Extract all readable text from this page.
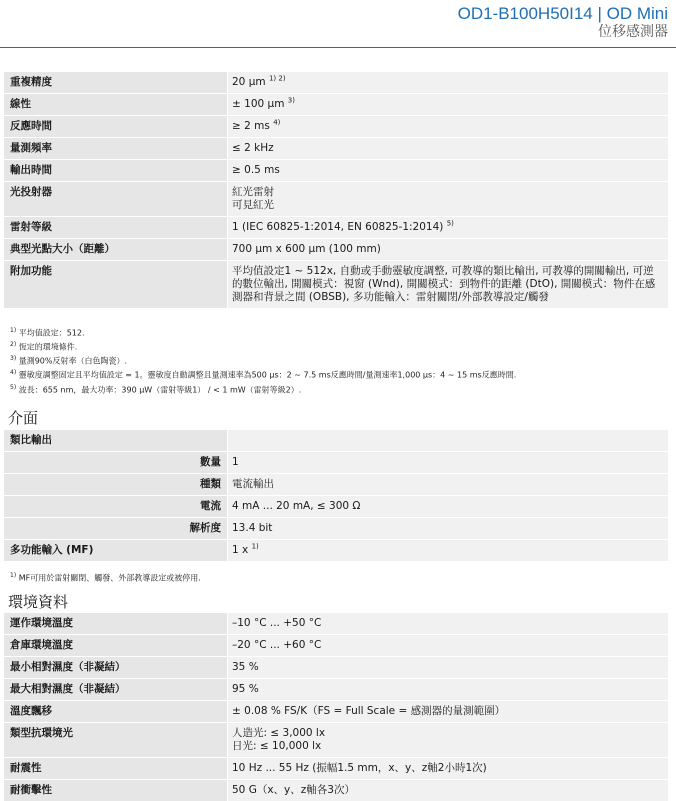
OD1-B100H50I14 | OD Mini
位移感測器
重複精度	20 µm $^{1) 2)}$
線性	± 100 µm $^{3)}$
反應時間	≥ 2 ms $^{4)}$
量測頻率	≤ 2 kHz
輸出時間	≥ 0.5 ms
光投射器	紅光雷射
可見紅光
雷射等級	1 (IEC 60825-1:2014, EN 60825-1:2014) $^{5)}$
典型光點大小（距離）	700 µm x 600 µm (100 mm)
附加功能	平均值設定1 ~ 512x, 自動或手動靈敏度調整, 可教導的類比輸出, 可教導的開關輸出, 可逆的數位輸出, 開關模式：視窗 (Wnd), 開關模式：到物件的距離 (DtO), 開關模式：物件在感測器和背景之間 (OBSB), 多功能輸入：雷射關閉/外部教導設定/觸發
$^{1)}$ 平均值設定：512.
$^{2)}$ 恆定的環境條件.
$^{3)}$ 量測90%反射率（白色陶瓷）.
$^{4)}$ 靈敏度調整固定且平均值設定 = 1。靈敏度自動調整且量測速率為500 µs：2 ~ 7.5 ms反應時間/量測速率1,000 µs：4 ~ 15 ms反應時間.
$^{5)}$ 波長：655 nm，最大功率：390 µW（雷射等級1） / < 1 mW（雷射等級2）.
介面
類比輸出
數量	1
種類	電流輸出
電流	4 mA ... 20 mA, ≤ 300 Ω
解析度	13.4 bit
多功能輸入 (MF)	1 x $^{1)}$
$^{1)}$ MF可用於雷射關閉、觸發、外部教導設定或被停用.
環境資料
運作環境溫度	–10 °C ... +50 °C
倉庫環境溫度	–20 °C ... +60 °C
最小相對濕度（非凝結）	35 %
最大相對濕度（非凝結）	95 %
溫度飄移	± 0.08 % FS/K（FS = Full Scale = 感測器的量測範圍）
類型抗環境光	人造光: ≤ 3,000 lx
日光: ≤ 10,000 lx
耐震性	10 Hz ... 55 Hz (振幅1.5 mm，x、y、z軸2小時1次)
耐衝擊性	50 G（x、y、z軸各3次）
